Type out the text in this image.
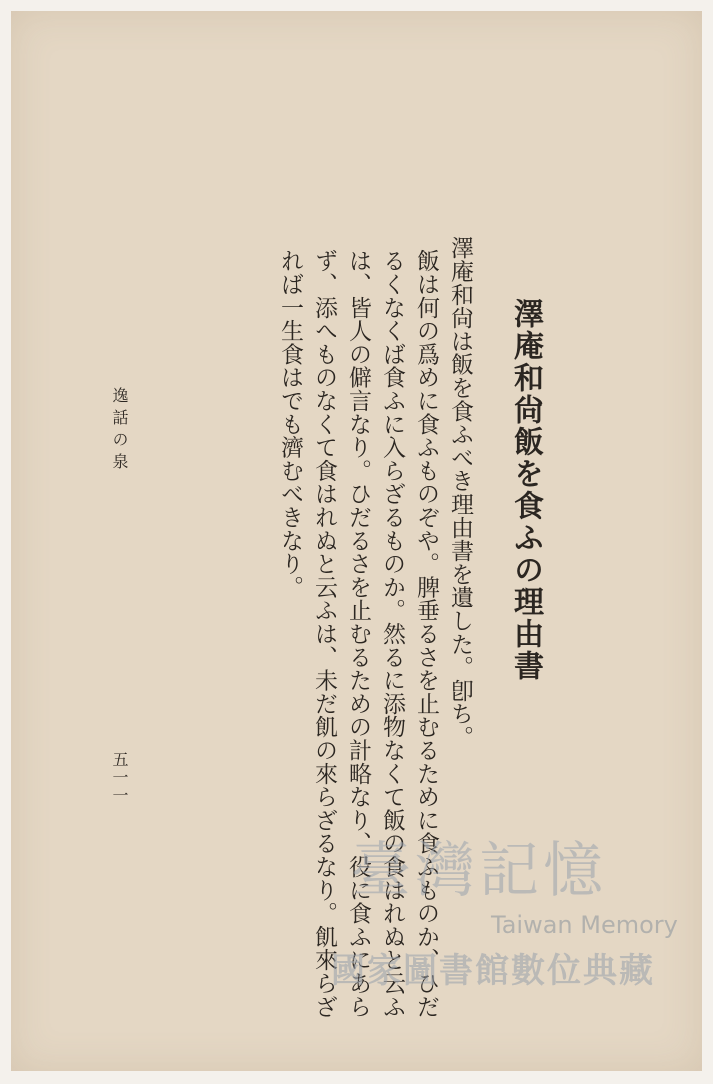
澤庵和尙飯を食ふの理由書
澤庵和尙は飯を食ふべき理由書を遺した。卽ち。
飯は何の爲めに食ふものぞや。脾垂るさを止むるために食ふものか、ひだ
るくなくば食ふに入らざるものか。然るに添物なくて飯の食はれぬと云ふ
は、皆人の僻言なり。ひだるさを止むるための計略なり、役に食ふにあら
ず、添へものなくて食はれぬと云ふは、未だ飢の來らざるなり。飢來らざ
れば一生食はでも濟むべきなり。
逸話の泉
五一一
臺灣記憶
Taiwan Memory
國家圖書館數位典藏
